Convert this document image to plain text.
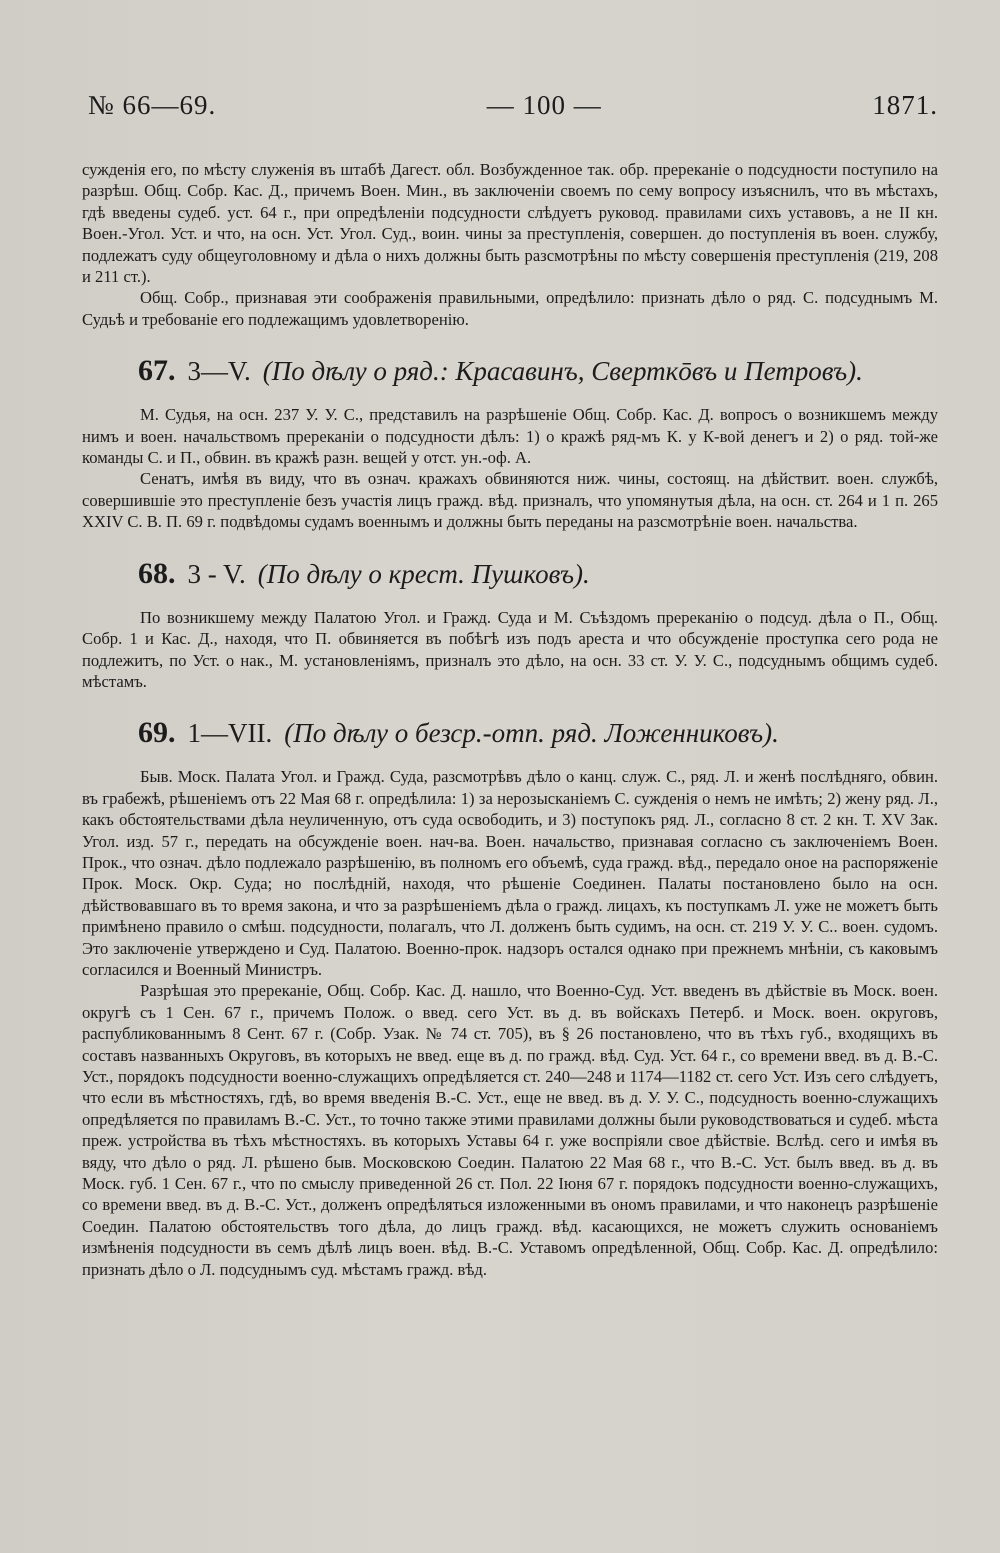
№ 66—69.	— 100 —	1871.

сужденія его, по мѣсту служенія въ штабѣ Дагест. обл. Возбужденное так. обр. пререканіе о подсудности поступило на разрѣш. Общ. Собр. Кас. Д., причемъ Воен. Мин., въ заключеніи своемъ по сему вопросу изъяснилъ, что въ мѣстахъ, гдѣ введены судеб. уст. 64 г., при опредѣленіи подсудности слѣдуетъ руковод. правилами сихъ уставовъ, а не II кн. Воен.-Угол. Уст. и что, на осн. Уст. Угол. Суд., воин. чины за преступленія, совершен. до поступленія въ воен. службу, подлежатъ суду общеуголовному и дѣла о нихъ должны быть разсмотрѣны по мѣсту совершенія преступленія (219, 208 и 211 ст.).

Общ. Собр., признавая эти соображенія правильными, опредѣлило: признать дѣло о ряд. С. подсуднымъ М. Судьѣ и требованіе его подлежащимъ удовлетворенію.

67. 3—V. (По дѣлу о ряд.: Красавинъ, Сверткōвъ и Петровъ).

М. Судья, на осн. 237 У. У. С., представилъ на разрѣшеніе Общ. Собр. Кас. Д. вопросъ о возникшемъ между нимъ и воен. начальствомъ пререканіи о подсудности дѣлъ: 1) о кражѣ ряд-мъ К. у К-вой денегъ и 2) о ряд. той-же команды С. и П., обвин. въ кражѣ разн. вещей у отст. ун.-оф. А.

Сенатъ, имѣя въ виду, что въ означ. кражахъ обвиняются ниж. чины, состоящ. на дѣйствит. воен. службѣ, совершившіе это преступленіе безъ участія лицъ гражд. вѣд. призналъ, что упомянутыя дѣла, на осн. ст. 264 и 1 п. 265 XXIV С. В. П. 69 г. подвѣдомы судамъ военнымъ и должны быть переданы на разсмотрѣніе воен. начальства.

68. 3 - V. (По дѣлу о крест. Пушковъ).

По возникшему между Палатою Угол. и Гражд. Суда и М. Съѣздомъ пререканію о подсуд. дѣла о П., Общ. Собр. 1 и Кас. Д., находя, что П. обвиняется въ побѣгѣ изъ подъ ареста и что обсужденіе проступка сего рода не подлежитъ, по Уст. о нак., М. установленіямъ, призналъ это дѣло, на осн. 33 ст. У. У. С., подсуднымъ общимъ судеб. мѣстамъ.

69. 1—VII. (По дѣлу о безср.-отп. ряд. Ложенниковъ).

Быв. Моск. Палата Угол. и Гражд. Суда, разсмотрѣвъ дѣло о канц. служ. С., ряд. Л. и женѣ послѣдняго, обвин. въ грабежѣ, рѣшеніемъ отъ 22 Мая 68 г. опредѣлила: 1) за нерозысканіемъ С. сужденія о немъ не имѣть; 2) жену ряд. Л., какъ обстоятельствами дѣла неуличенную, отъ суда освободить, и 3) поступокъ ряд. Л., согласно 8 ст. 2 кн. Т. XV Зак. Угол. изд. 57 г., передать на обсужденіе воен. нач-ва. Воен. начальство, признавая согласно съ заключеніемъ Воен. Прок., что означ. дѣло подлежало разрѣшенію, въ полномъ его объемѣ, суда гражд. вѣд., передало оное на распоряженіе Прок. Моск. Окр. Суда; но послѣдній, находя, что рѣшеніе Соединен. Палаты постановлено было на осн. дѣйствовавшаго въ то время закона, и что за разрѣшеніемъ дѣла о гражд. лицахъ, къ поступкамъ Л. уже не можетъ быть примѣнено правило о смѣш. подсудности, полагалъ, что Л. долженъ быть судимъ, на осн. ст. 219 У. У. С.. воен. судомъ. Это заключеніе утверждено и Суд. Палатою. Военно-прок. надзоръ остался однако при прежнемъ мнѣніи, съ каковымъ согласился и Военный Министръ.

Разрѣшая это пререканіе, Общ. Собр. Кас. Д. нашло, что Военно-Суд. Уст. введенъ въ дѣйствіе въ Моск. воен. округѣ съ 1 Сен. 67 г., причемъ Полож. о введ. сего Уст. въ д. въ войскахъ Петерб. и Моск. воен. округовъ, распубликованнымъ 8 Сент. 67 г. (Собр. Узак. № 74 ст. 705), въ § 26 постановлено, что въ тѣхъ губ., входящихъ въ составъ названныхъ Округовъ, въ которыхъ не введ. еще въ д. по гражд. вѣд. Суд. Уст. 64 г., со времени введ. въ д. В.-С. Уст., порядокъ подсудности военно-служащихъ опредѣляется ст. 240—248 и 1174—1182 ст. сего Уст. Изъ сего слѣдуетъ, что если въ мѣстностяхъ, гдѣ, во время введенія В.-С. Уст., еще не введ. въ д. У. У. С., подсудность военно-служащихъ опредѣляется по правиламъ В.-С. Уст., то точно также этими правилами должны были руководствоваться и судеб. мѣста преж. устройства въ тѣхъ мѣстностяхъ. въ которыхъ Уставы 64 г. уже воспріяли свое дѣйствіе. Вслѣд. сего и имѣя въ вяду, что дѣло о ряд. Л. рѣшено быв. Московскою Соедин. Палатою 22 Мая 68 г., что В.-С. Уст. былъ введ. въ д. въ Моск. губ. 1 Сен. 67 г., что по смыслу приведенной 26 ст. Пол. 22 Іюня 67 г. порядокъ подсудности военно-служащихъ, со времени введ. въ д. В.-С. Уст., долженъ опредѣляться изложенными въ ономъ правилами, и что наконецъ разрѣшеніе Соедин. Палатою обстоятельствъ того дѣла, до лицъ гражд. вѣд. касающихся, не можетъ служить основаніемъ измѣненія подсудности въ семъ дѣлѣ лицъ воен. вѣд. В.-С. Уставомъ опредѣленной, Общ. Собр. Кас. Д. опредѣлило: признать дѣло о Л. подсуднымъ суд. мѣстамъ гражд. вѣд.
